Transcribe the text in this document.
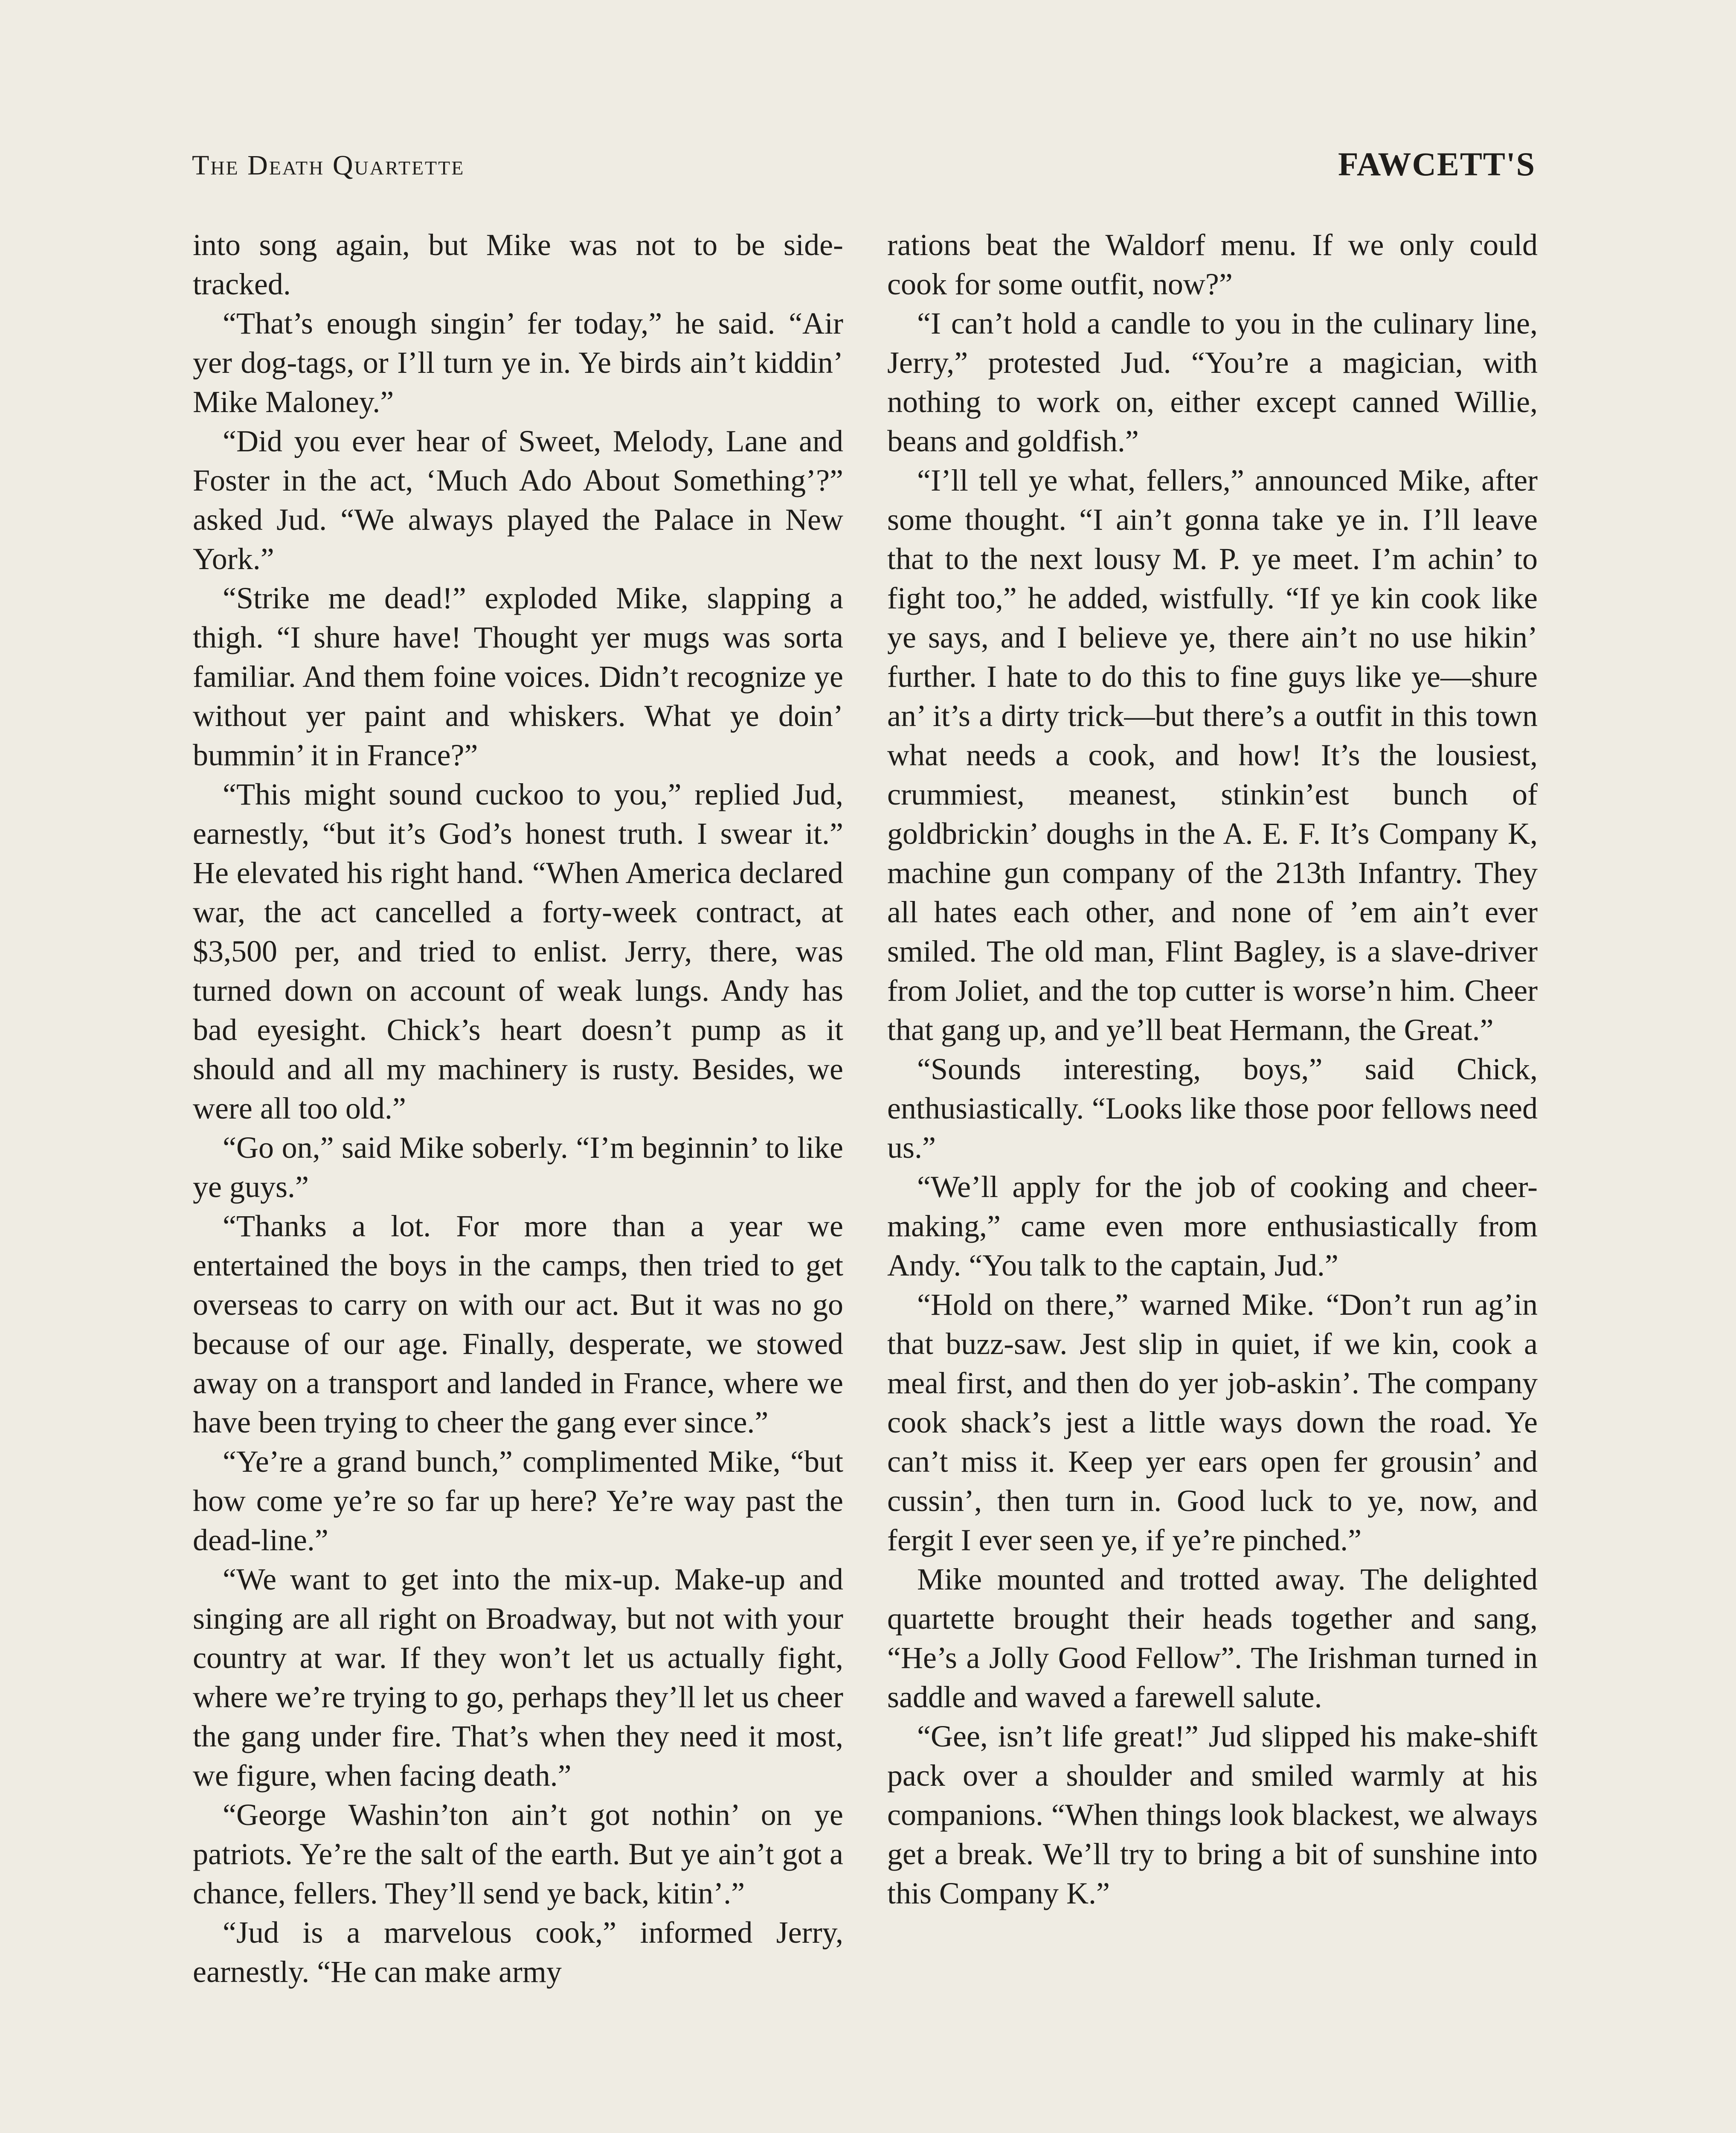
The Death Quartette	FAWCETT'S

into song again, but Mike was not to be side-tracked.

“That’s enough singin’ fer today,” he said. “Air yer dog-tags, or I’ll turn ye in. Ye birds ain’t kiddin’ Mike Maloney.”

“Did you ever hear of Sweet, Melody, Lane and Foster in the act, ‘Much Ado About Something’?” asked Jud. “We always played the Palace in New York.”

“Strike me dead!” exploded Mike, slapping a thigh. “I shure have! Thought yer mugs was sorta familiar. And them foine voices. Didn’t recognize ye without yer paint and whiskers. What ye doin’ bummin’ it in France?”

“This might sound cuckoo to you,” replied Jud, earnestly, “but it’s God’s honest truth. I swear it.” He elevated his right hand. “When America declared war, the act cancelled a forty-week contract, at $3,500 per, and tried to enlist. Jerry, there, was turned down on account of weak lungs. Andy has bad eyesight. Chick’s heart doesn’t pump as it should and all my machinery is rusty. Besides, we were all too old.”

“Go on,” said Mike soberly. “I’m beginnin’ to like ye guys.”

“Thanks a lot. For more than a year we entertained the boys in the camps, then tried to get overseas to carry on with our act. But it was no go because of our age. Finally, desperate, we stowed away on a transport and landed in France, where we have been trying to cheer the gang ever since.”

“Ye’re a grand bunch,” complimented Mike, “but how come ye’re so far up here? Ye’re way past the dead-line.”

“We want to get into the mix-up. Make-up and singing are all right on Broadway, but not with your country at war. If they won’t let us actually fight, where we’re trying to go, perhaps they’ll let us cheer the gang under fire. That’s when they need it most, we figure, when facing death.”

“George Washin’ton ain’t got nothin’ on ye patriots. Ye’re the salt of the earth. But ye ain’t got a chance, fellers. They’ll send ye back, kitin’.”

“Jud is a marvelous cook,” informed Jerry, earnestly. “He can make army

rations beat the Waldorf menu. If we only could cook for some outfit, now?”

“I can’t hold a candle to you in the culinary line, Jerry,” protested Jud. “You’re a magician, with nothing to work on, either except canned Willie, beans and goldfish.”

“I’ll tell ye what, fellers,” announced Mike, after some thought. “I ain’t gonna take ye in. I’ll leave that to the next lousy M. P. ye meet. I’m achin’ to fight too,” he added, wistfully. “If ye kin cook like ye says, and I believe ye, there ain’t no use hikin’ further. I hate to do this to fine guys like ye—shure an’ it’s a dirty trick—but there’s a outfit in this town what needs a cook, and how! It’s the lousiest, crummiest, meanest, stinkin’est bunch of goldbrickin’ doughs in the A. E. F. It’s Company K, machine gun company of the 213th Infantry. They all hates each other, and none of ’em ain’t ever smiled. The old man, Flint Bagley, is a slave-driver from Joliet, and the top cutter is worse’n him. Cheer that gang up, and ye’ll beat Hermann, the Great.”

“Sounds interesting, boys,” said Chick, enthusiastically. “Looks like those poor fellows need us.”

“We’ll apply for the job of cooking and cheer-making,” came even more enthusiastically from Andy. “You talk to the captain, Jud.”

“Hold on there,” warned Mike. “Don’t run ag’in that buzz-saw. Jest slip in quiet, if we kin, cook a meal first, and then do yer job-askin’. The company cook shack’s jest a little ways down the road. Ye can’t miss it. Keep yer ears open fer grousin’ and cussin’, then turn in. Good luck to ye, now, and fergit I ever seen ye, if ye’re pinched.”

Mike mounted and trotted away. The delighted quartette brought their heads together and sang, “He’s a Jolly Good Fellow”. The Irishman turned in saddle and waved a farewell salute.

“Gee, isn’t life great!” Jud slipped his make-shift pack over a shoulder and smiled warmly at his companions. “When things look blackest, we always get a break. We’ll try to bring a bit of sunshine into this Company K.”
